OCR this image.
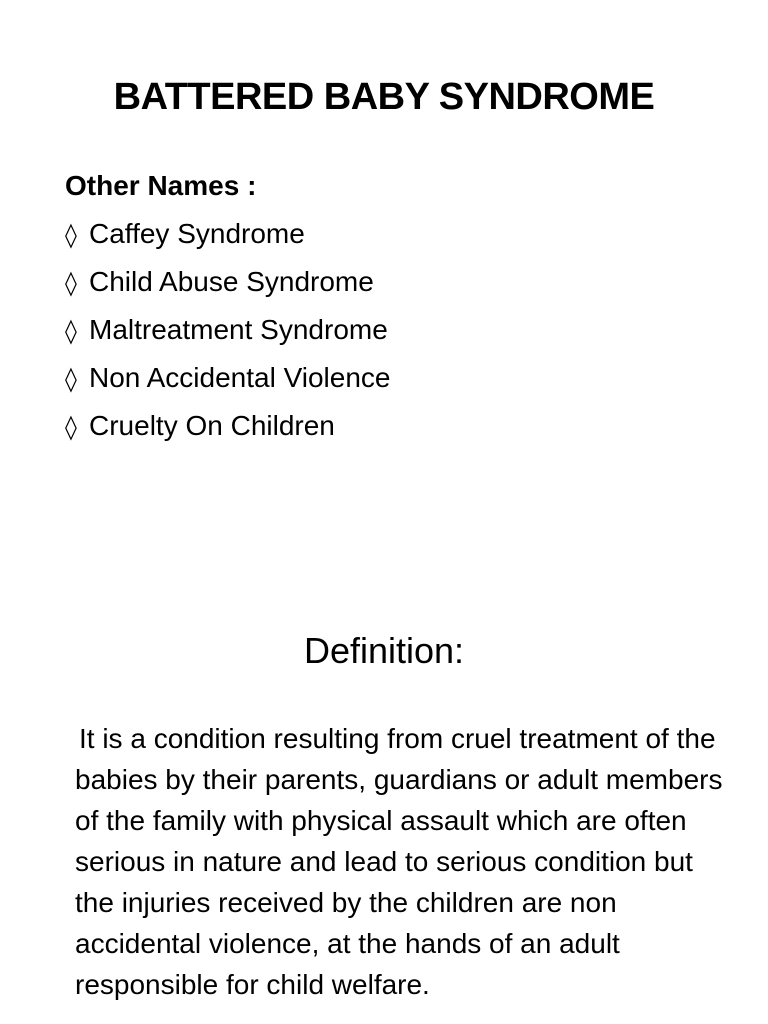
BATTERED BABY SYNDROME
Other Names :
◊ Caffey Syndrome
◊ Child Abuse Syndrome
◊ Maltreatment Syndrome
◊ Non Accidental Violence
◊ Cruelty On Children
Definition:

It is a condition resulting from cruel treatment of the babies by their parents, guardians or adult members of the family with physical assault which are often serious in nature and lead to serious condition but the injuries received by the children are non accidental violence, at the hands of an adult responsible for child welfare.
